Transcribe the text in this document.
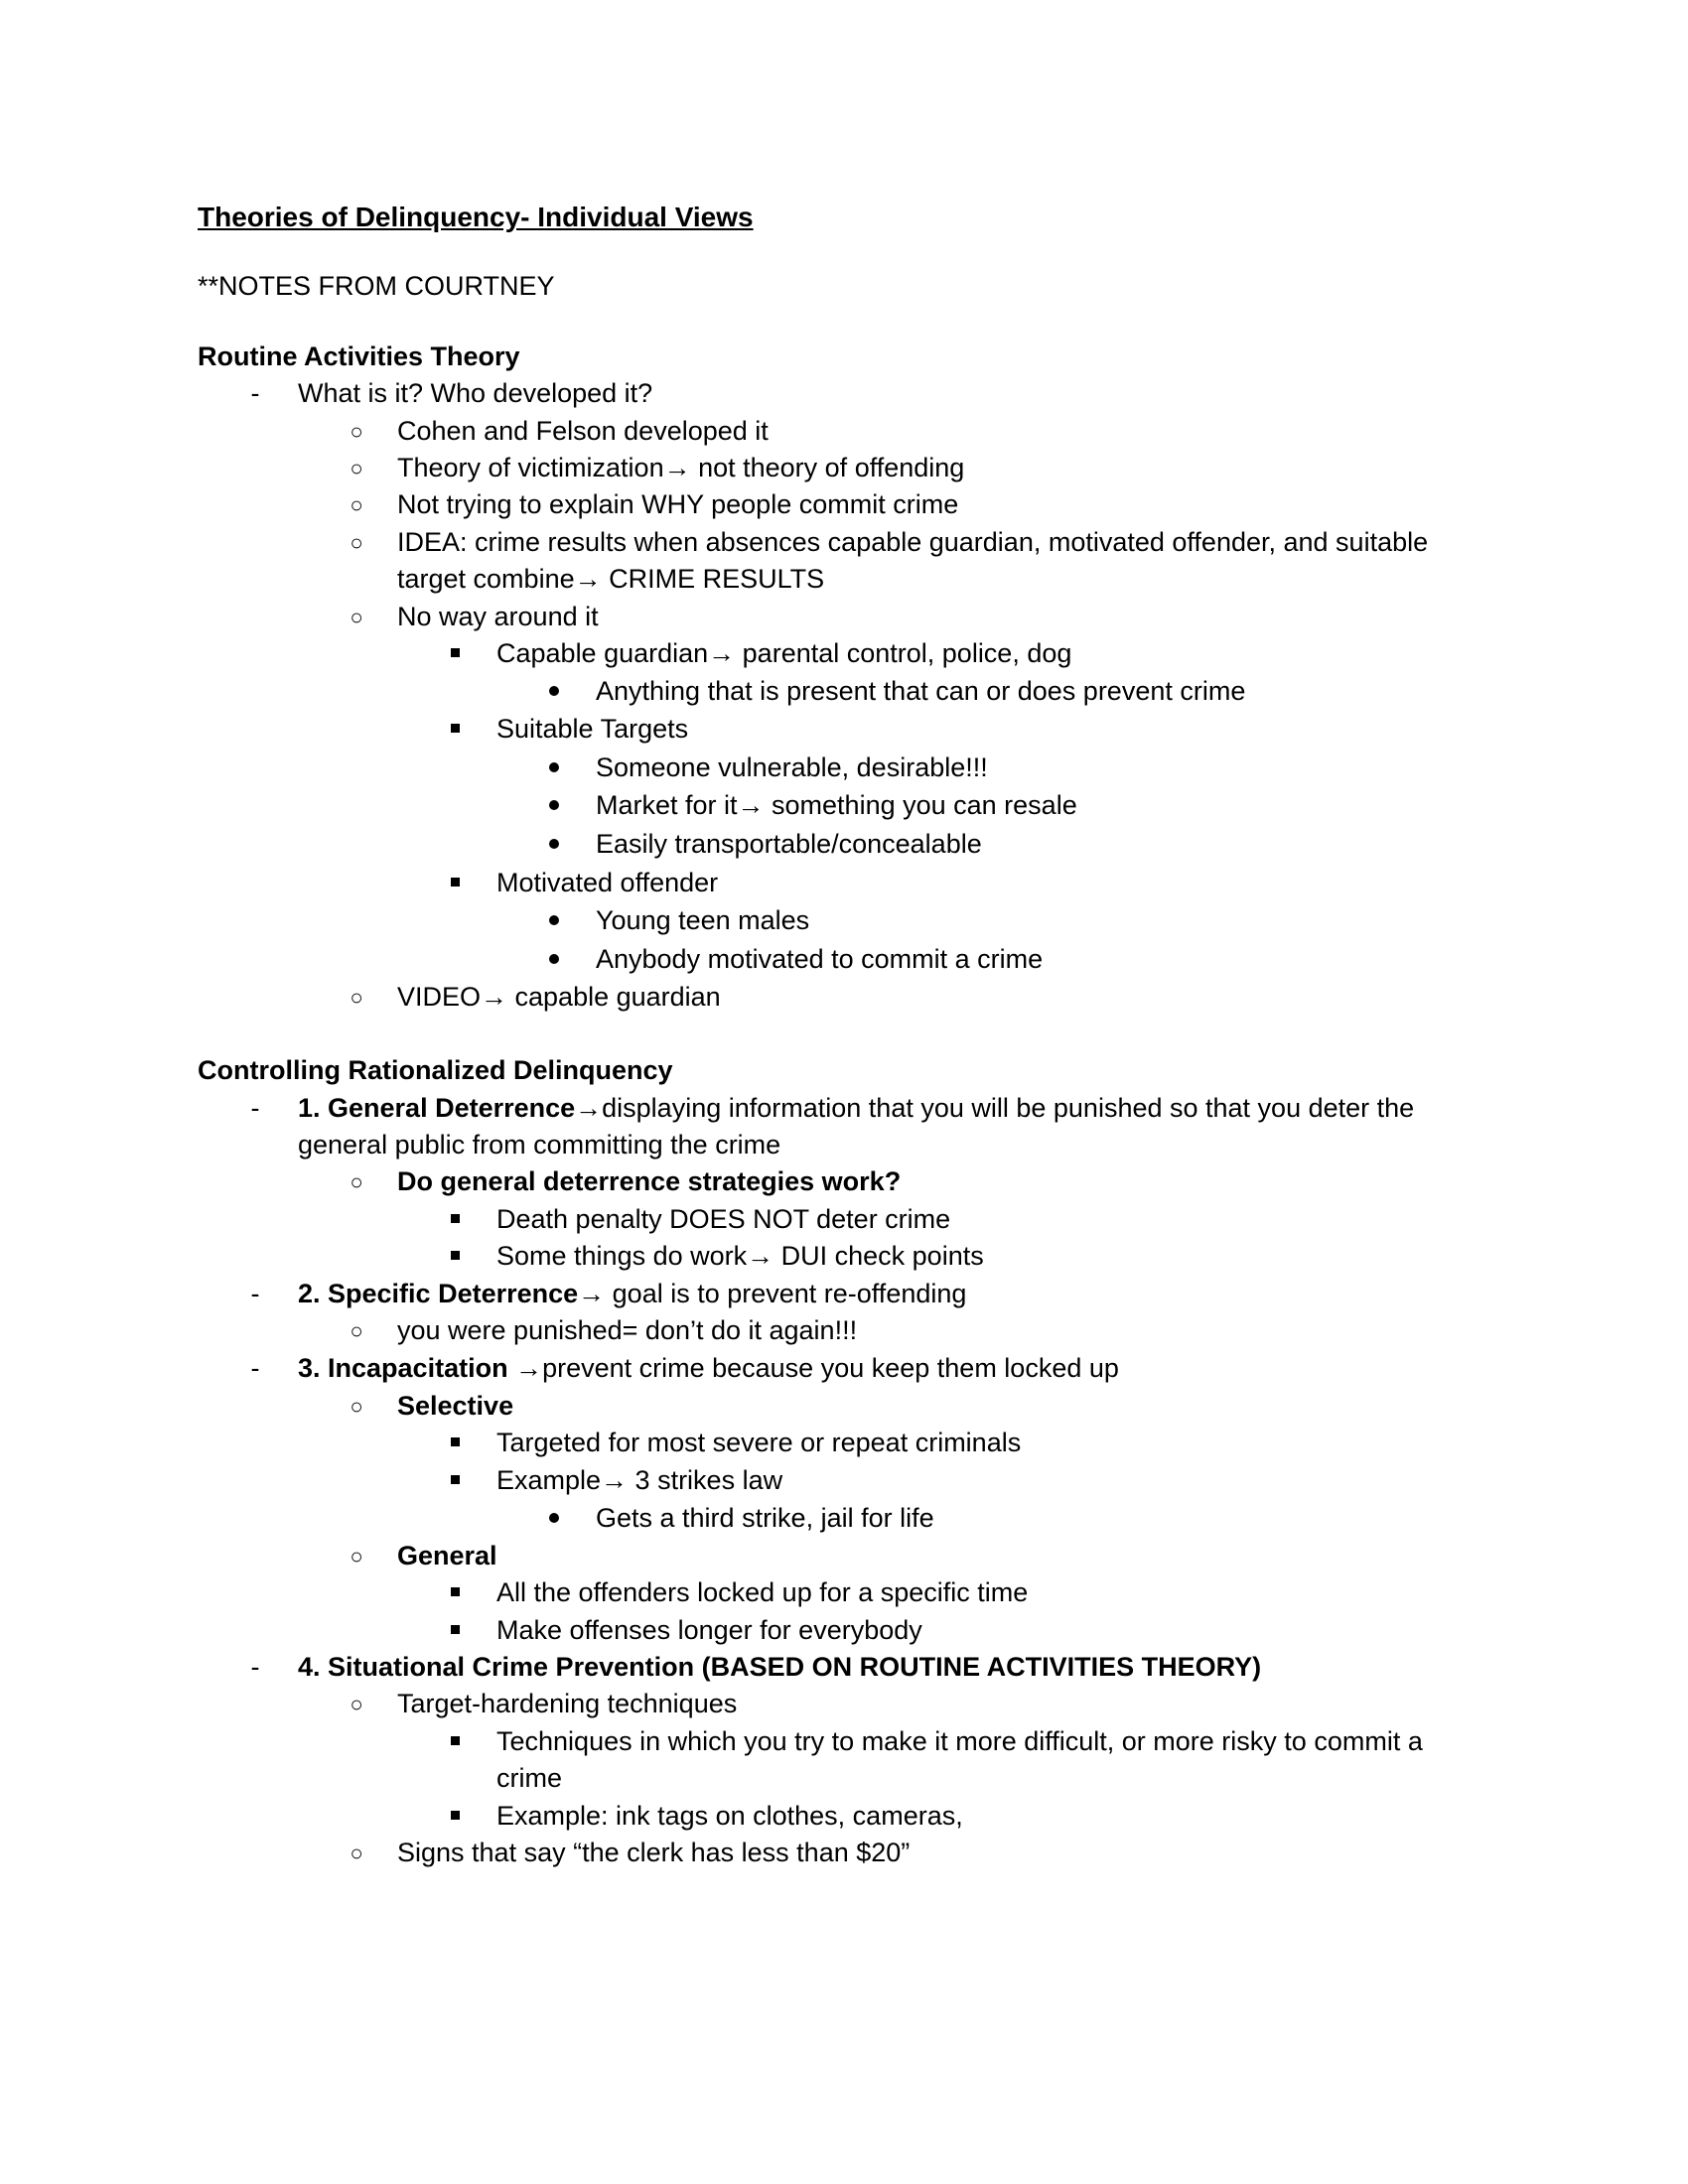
Theories of Delinquency- Individual Views
**NOTES FROM COURTNEY
Routine Activities Theory
- What is it? Who developed it?
○ Cohen and Felson developed it
○ Theory of victimization→ not theory of offending
○ Not trying to explain WHY people commit crime
○ IDEA: crime results when absences capable guardian, motivated offender, and suitable
target combine→ CRIME RESULTS
○ No way around it
Capable guardian→ parental control, police, dog
Anything that is present that can or does prevent crime
Suitable Targets
Someone vulnerable, desirable!!!
Market for it→ something you can resale
Easily transportable/concealable
Motivated offender
Young teen males
Anybody motivated to commit a crime
○ VIDEO→ capable guardian
Controlling Rationalized Delinquency
- 1. General Deterrence→displaying information that you will be punished so that you deter the
general public from committing the crime
○ Do general deterrence strategies work?
Death penalty DOES NOT deter crime
Some things do work→ DUI check points
- 2. Specific Deterrence→ goal is to prevent re-offending
○ you were punished= don’t do it again!!!
- 3. Incapacitation →prevent crime because you keep them locked up
○ Selective
Targeted for most severe or repeat criminals
Example→ 3 strikes law
Gets a third strike, jail for life
○ General
All the offenders locked up for a specific time
Make offenses longer for everybody
- 4. Situational Crime Prevention (BASED ON ROUTINE ACTIVITIES THEORY)
○ Target-hardening techniques
Techniques in which you try to make it more difficult, or more risky to commit a
crime
Example: ink tags on clothes, cameras,
○ Signs that say “the clerk has less than $20”
